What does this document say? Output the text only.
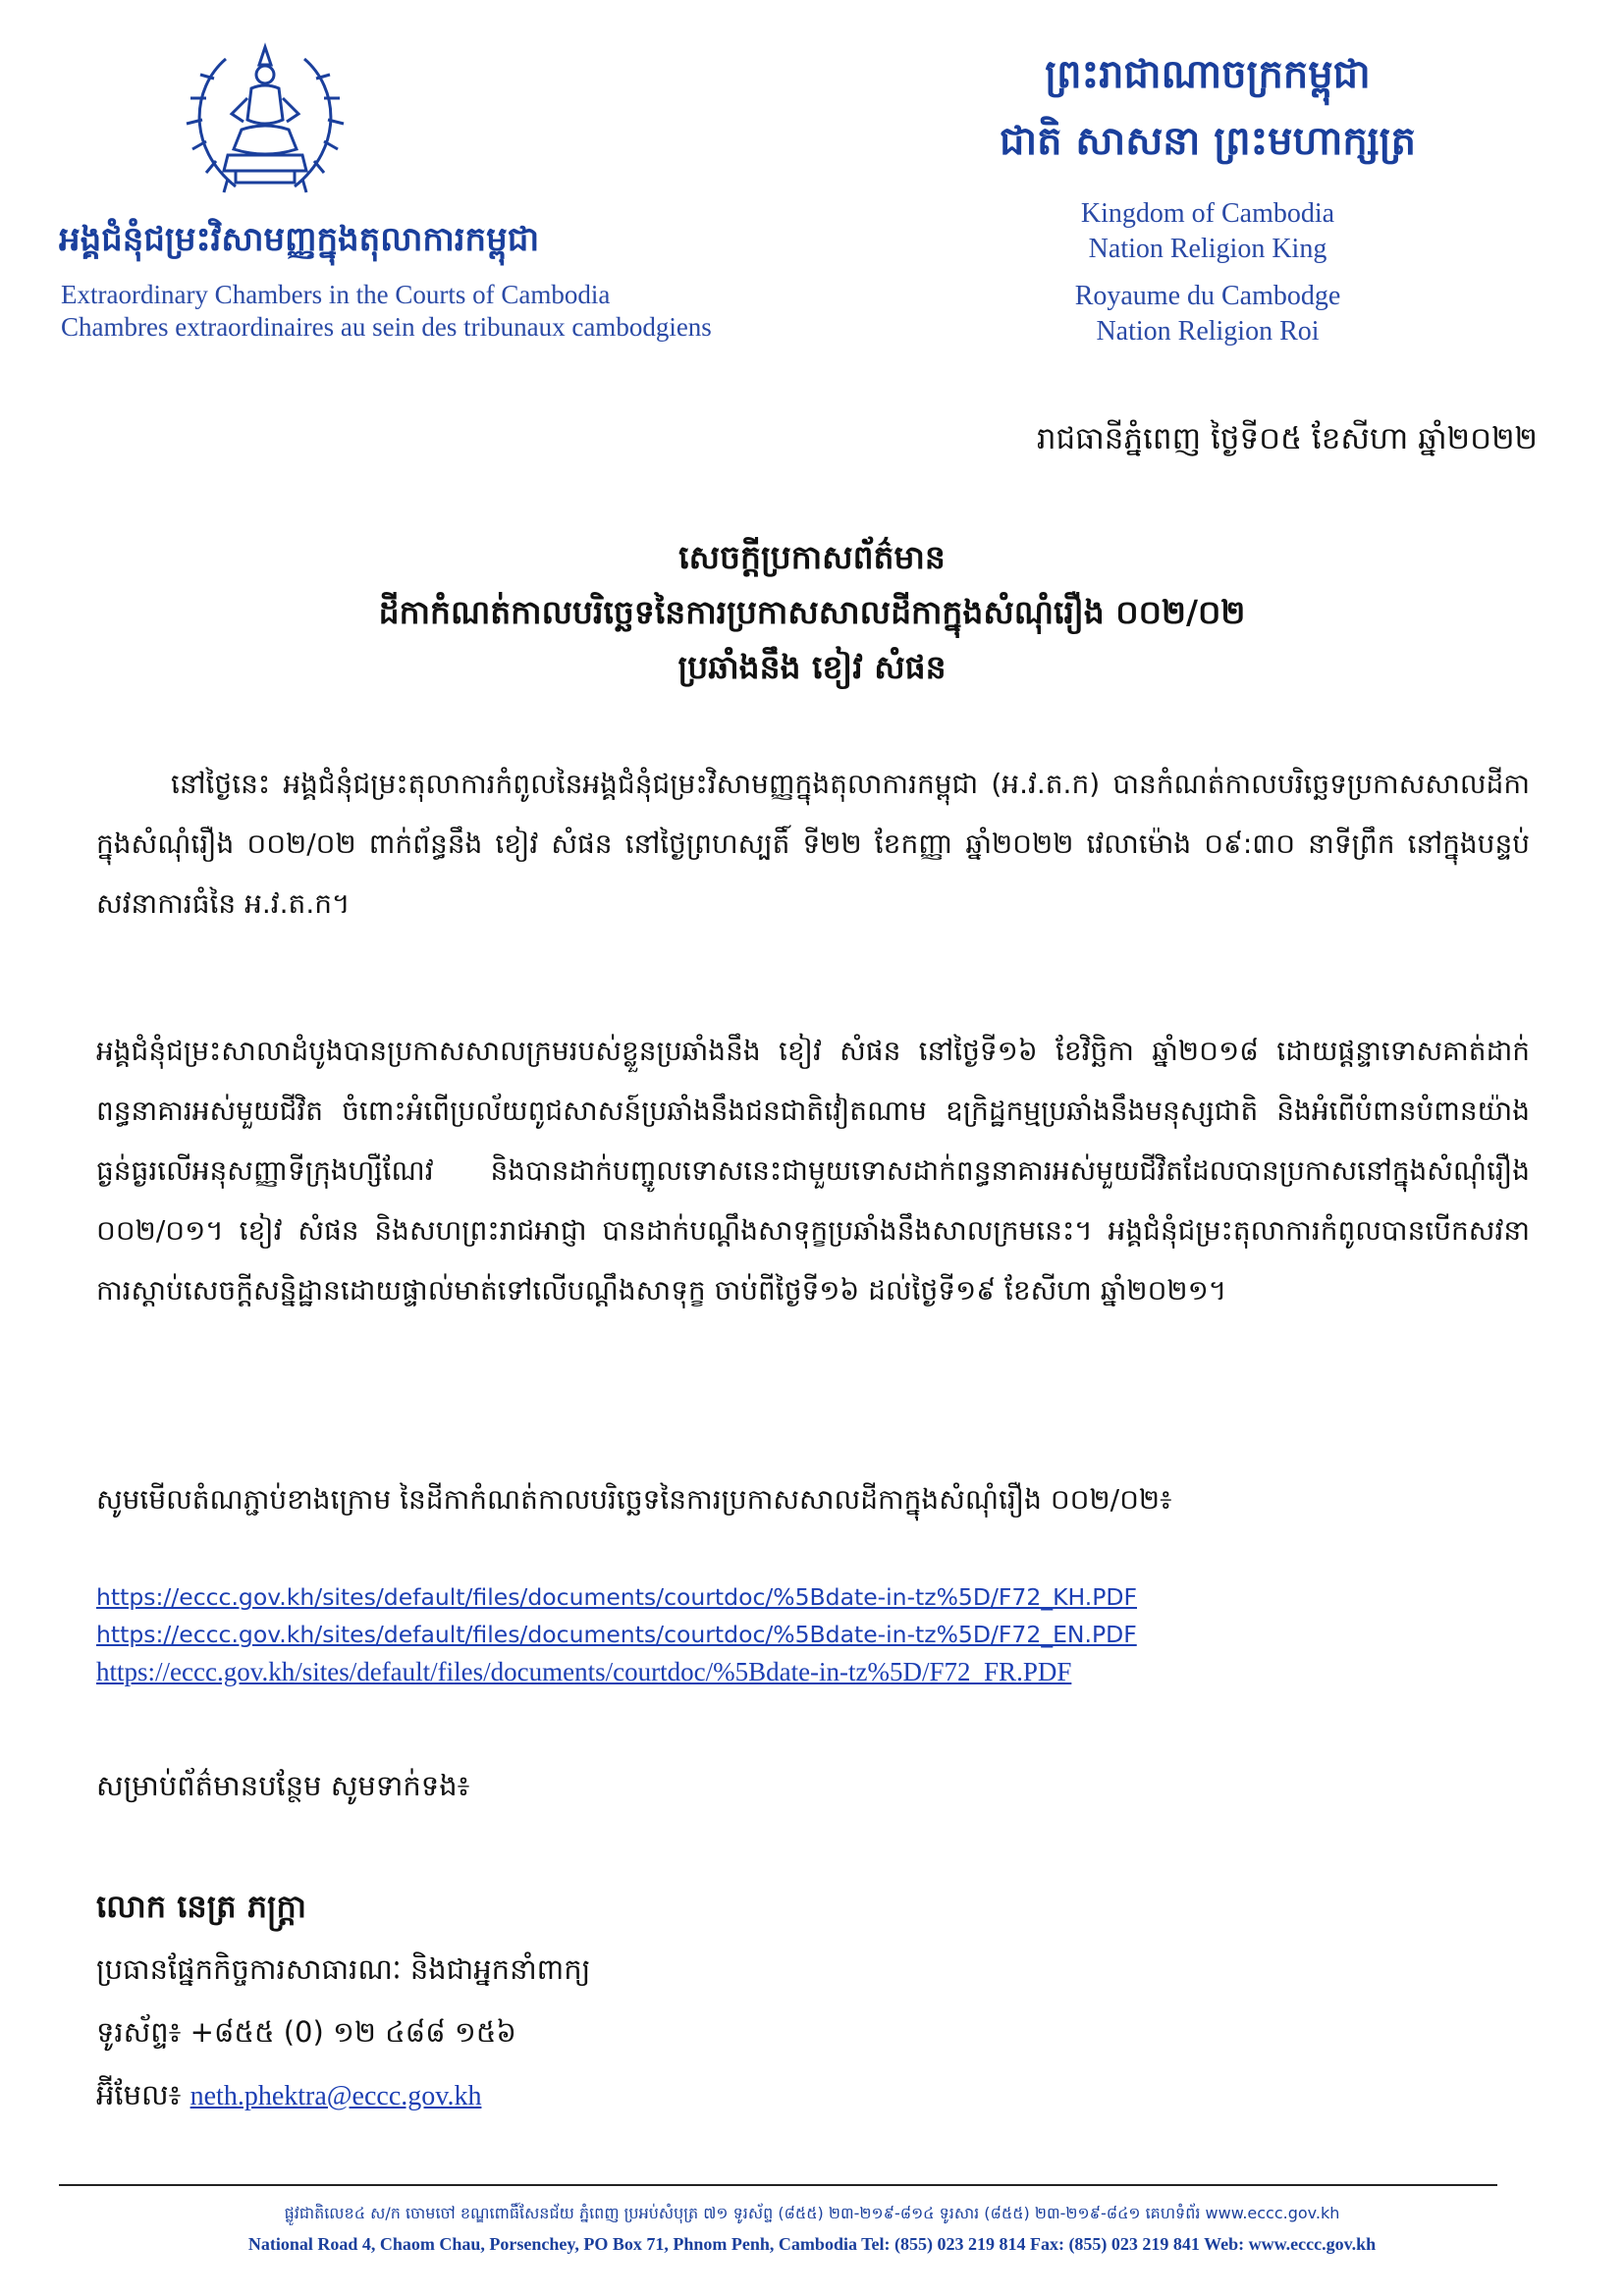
អង្គជំនុំជម្រះវិសាមញ្ញក្នុងតុលាការកម្ពុជា
Extraordinary Chambers in the Courts of Cambodia
Chambres extraordinaires au sein des tribunaux cambodgiens
ព្រះរាជាណាចក្រកម្ពុជា
ជាតិ សាសនា ព្រះមហាក្សត្រ
Kingdom of Cambodia
Nation Religion King
Royaume du Cambodge
Nation Religion Roi
រាជធានីភ្នំពេញ ថ្ងៃទី០៥ ខែសីហា ឆ្នាំ២០២២
សេចក្តីប្រកាសព័ត៌មាន
ដីកាកំណត់កាលបរិច្ឆេទនៃការប្រកាសសាលដីកាក្នុងសំណុំរឿង ០០២/០២
ប្រឆាំងនឹង ខៀវ សំផន
នៅថ្ងៃនេះ អង្គជំនុំជម្រះតុលាការកំពូលនៃអង្គជំនុំជម្រះវិសាមញ្ញក្នុងតុលាការកម្ពុជា (អ.វ.ត.ក) បានកំណត់កាលបរិច្ឆេទប្រកាសសាលដីកាក្នុងសំណុំរឿង ០០២/០២ ពាក់ព័ន្ធនឹង ខៀវ សំផន នៅថ្ងៃព្រហស្បតិ៍ ទី២២ ខែកញ្ញា ឆ្នាំ២០២២ វេលាម៉ោង ០៩:៣០ នាទីព្រឹក នៅក្នុងបន្ទប់សវនាការធំនៃ អ.វ.ត.ក។
អង្គជំនុំជម្រះសាលាដំបូងបានប្រកាសសាលក្រមរបស់ខ្លួនប្រឆាំងនឹង ខៀវ សំផន នៅថ្ងៃទី១៦ ខែវិច្ឆិកា ឆ្នាំ២០១៨ ដោយផ្តន្ទាទោសគាត់ដាក់ពន្ធនាគារអស់មួយជីវិត ចំពោះអំពើប្រល័យពូជសាសន៍ប្រឆាំងនឹងជនជាតិវៀតណាម ឧក្រិដ្ឋកម្មប្រឆាំងនឹងមនុស្សជាតិ និងអំពើបំពានបំពានយ៉ាងធ្ងន់ធ្ងរលើអនុសញ្ញាទីក្រុងហ្សឺណែវ និងបានដាក់បញ្ចូលទោសនេះជាមួយទោសដាក់ពន្ធនាគារអស់មួយជីវិតដែលបានប្រកាសនៅក្នុងសំណុំរឿង ០០២/០១។ ខៀវ សំផន និងសហព្រះរាជអាជ្ញា បានដាក់បណ្តឹងសាទុក្ខប្រឆាំងនឹងសាលក្រមនេះ។ អង្គជំនុំជម្រះតុលាការកំពូលបានបើកសវនាការស្តាប់សេចក្តីសន្និដ្ឋានដោយផ្ទាល់មាត់ទៅលើបណ្តឹងសាទុក្ខ ចាប់ពីថ្ងៃទី១៦ ដល់ថ្ងៃទី១៩ ខែសីហា ឆ្នាំ២០២១។
សូមមើលតំណភ្ជាប់ខាងក្រោម នៃដីកាកំណត់កាលបរិច្ឆេទនៃការប្រកាសសាលដីកាក្នុងសំណុំរឿង ០០២/០២៖
https://eccc.gov.kh/sites/default/files/documents/courtdoc/%5Bdate-in-tz%5D/F72_KH.PDF
https://eccc.gov.kh/sites/default/files/documents/courtdoc/%5Bdate-in-tz%5D/F72_EN.PDF
https://eccc.gov.kh/sites/default/files/documents/courtdoc/%5Bdate-in-tz%5D/F72_FR.PDF
សម្រាប់ព័ត៌មានបន្ថែម សូមទាក់ទង៖
លោក នេត្រ ភក្ត្រា
ប្រធានផ្នែកកិច្ចការសាធារណៈ និងជាអ្នកនាំពាក្យ
ទូរស័ព្ទ៖ +៨៥៥ (0) ១២ ៤៨៨ ១៥៦
អ៊ីមែល៖ neth.phektra@eccc.gov.kh
ផ្លូវជាតិលេខ៤ ស/ក ចោមចៅ ខណ្ឌពោធិ៍សែនជ័យ ភ្នំពេញ ប្រអប់សំបុត្រ ៧១ ទូរស័ព្ទ (៨៥៥) ២៣-២១៩-៨១៤ ទូរសារ (៨៥៥) ២៣-២១៩-៨៤១ គេហទំព័រ www.eccc.gov.kh
National Road 4, Chaom Chau, Porsenchey, PO Box 71, Phnom Penh, Cambodia Tel: (855) 023 219 814 Fax: (855) 023 219 841 Web: www.eccc.gov.kh
